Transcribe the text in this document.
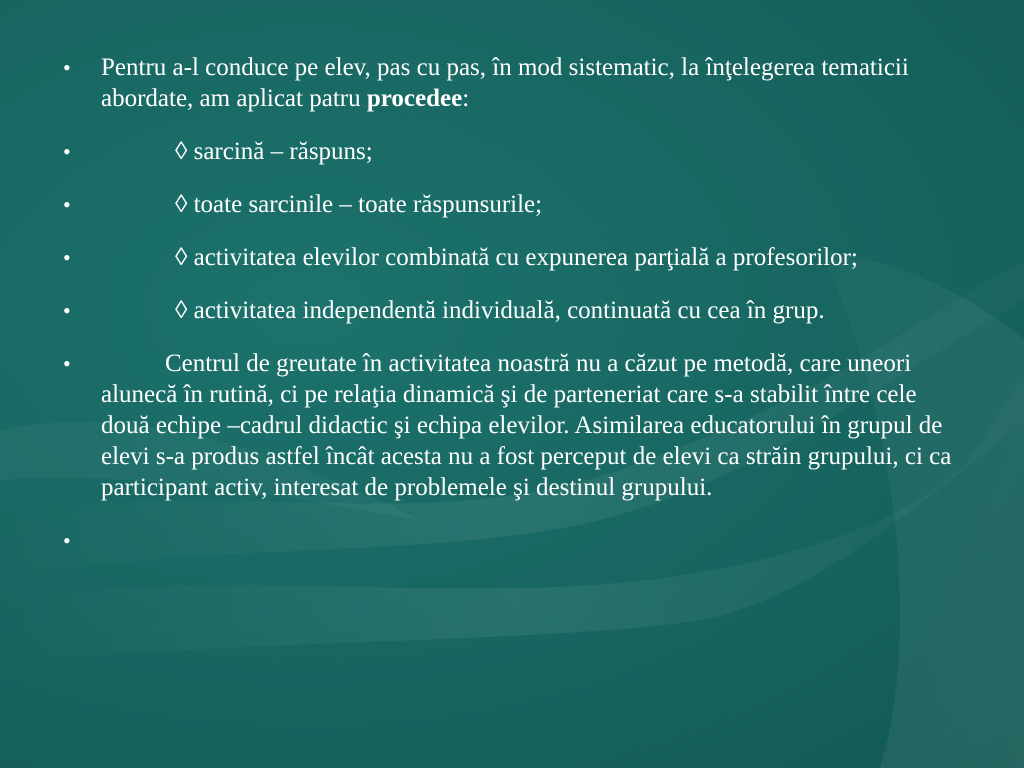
• Pentru a-l conduce pe elev, pas cu pas, în mod sistematic, la înţelegerea tematicii abordate, am aplicat patru procedee:
•	◊ sarcină – răspuns;
•	◊ toate sarcinile – toate răspunsurile;
•	◊ activitatea elevilor combinată cu expunerea parţială a profesorilor;
•	◊ activitatea independentă individuală, continuată cu cea în grup.
•	Centrul de greutate în activitatea noastră nu a căzut pe metodă, care uneori alunecă în rutină, ci pe relaţia dinamică şi de parteneriat care s-a stabilit între cele două echipe –cadrul didactic şi echipa elevilor. Asimilarea educatorului în grupul de elevi s-a produs astfel încât acesta nu a fost perceput de elevi ca străin grupului, ci ca participant activ, interesat de problemele şi destinul grupului.
•
